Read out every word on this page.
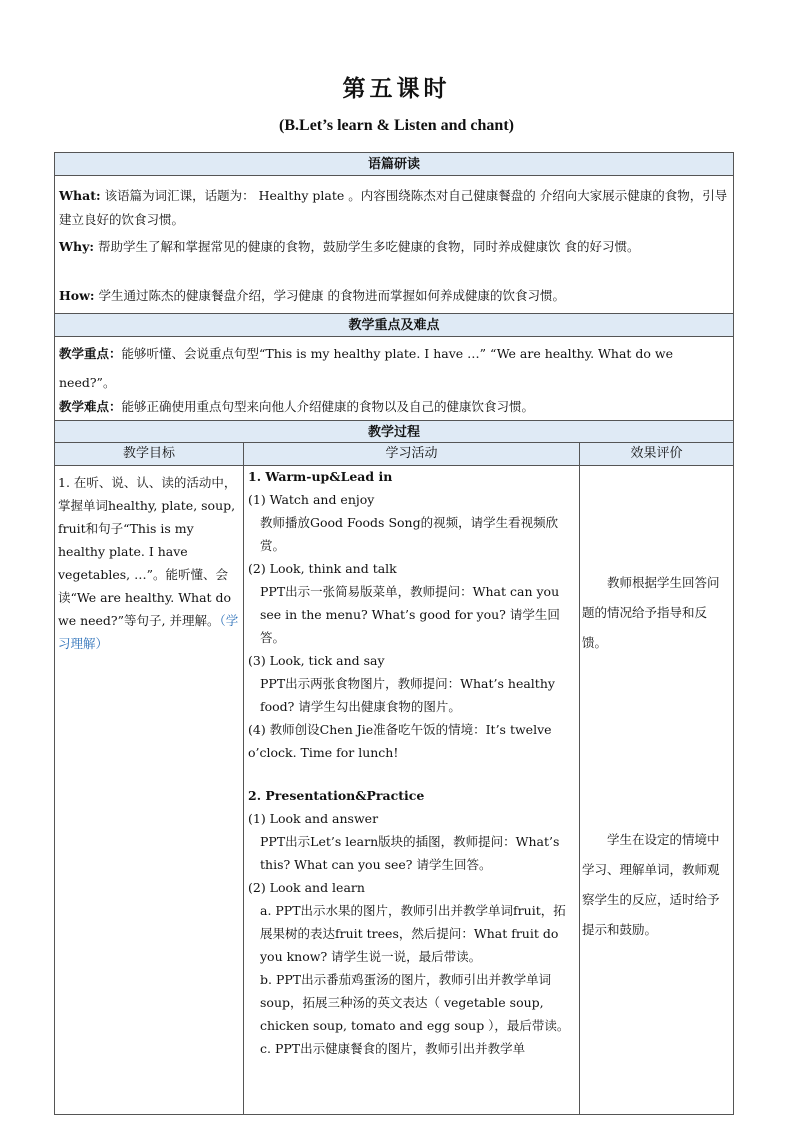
第五课时
(B.Let’s learn & Listen and chant)
语篇研读
What: 该语篇为词汇课，话题为： Healthy plate 。内容围绕陈杰对自己健康餐盘的 介绍向大家展示健康的食物，引导建立良好的饮食习惯。
Why: 帮助学生了解和掌握常见的健康的食物，鼓励学生多吃健康的食物，同时养成健康饮 食的好习惯。
How: 学生通过陈杰的健康餐盘介绍，学习健康 的食物进而掌握如何养成健康的饮食习惯。
教学重点及难点
教学重点：能够听懂、会说重点句型“This is my healthy plate. I have …” “We are healthy. What do we need?”。
教学难点：能够正确使用重点句型来向他人介绍健康的食物以及自己的健康饮食习惯。
教学过程
教学目标	学习活动	效果评价
1. 在听、说、认、读的活动中，掌握单词healthy, plate, soup, fruit和句子“This is my healthy plate. I have vegetables, …”。能听懂、会读“We are healthy. What do we need?”等句子, 并理解。（学习理解）
1. Warm-up&Lead in
(1) Watch and enjoy
教师播放Good Foods Song的视频，请学生看视频欣赏。
(2) Look, think and talk
PPT出示一张简易版菜单，教师提问：What can you see in the menu? What’s good for you? 请学生回答。
(3) Look, tick and say
PPT出示两张食物图片，教师提问：What’s healthy food? 请学生勾出健康食物的图片。
(4) 教师创设Chen Jie准备吃午饭的情境：It’s twelve o’clock. Time for lunch!
2. Presentation&Practice
(1) Look and answer
PPT出示Let’s learn版块的插图，教师提问：What’s this? What can you see? 请学生回答。
(2) Look and learn
a. PPT出示水果的图片，教师引出并教学单词fruit，拓展果树的表达fruit trees，然后提问：What fruit do you know? 请学生说一说，最后带读。
b. PPT出示番茄鸡蛋汤的图片，教师引出并教学单词soup，拓展三种汤的英文表达（ vegetable soup, chicken soup, tomato and egg soup ），最后带读。
c. PPT出示健康餐食的图片，教师引出并教学单
教师根据学生回答问题的情况给予指导和反馈。
学生在设定的情境中学习、理解单词，教师观察学生的反应，适时给予提示和鼓励。
